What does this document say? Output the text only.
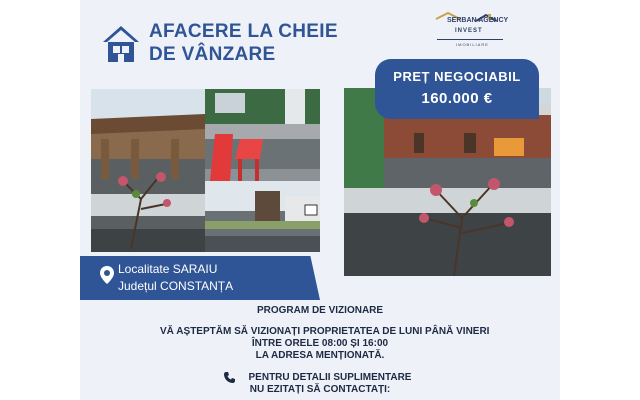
AFACERE LA CHEIE
DE VÂNZARE
SERBAN AGENCY
INVEST
IMOBILIARE
PREȚ NEGOCIABIL
160.000 €
Localitate SARAIU
Județul CONSTANȚA
PROGRAM DE VIZIONARE
VĂ AȘTEPTĂM SĂ VIZIONAȚI PROPRIETATEA DE LUNI PÂNĂ VINERI
ÎNTRE ORELE 08:00 ȘI 16:00
LA ADRESA MENȚIONATĂ.
PENTRU DETALII SUPLIMENTARE
NU EZITAȚI SĂ CONTACTAȚI:
